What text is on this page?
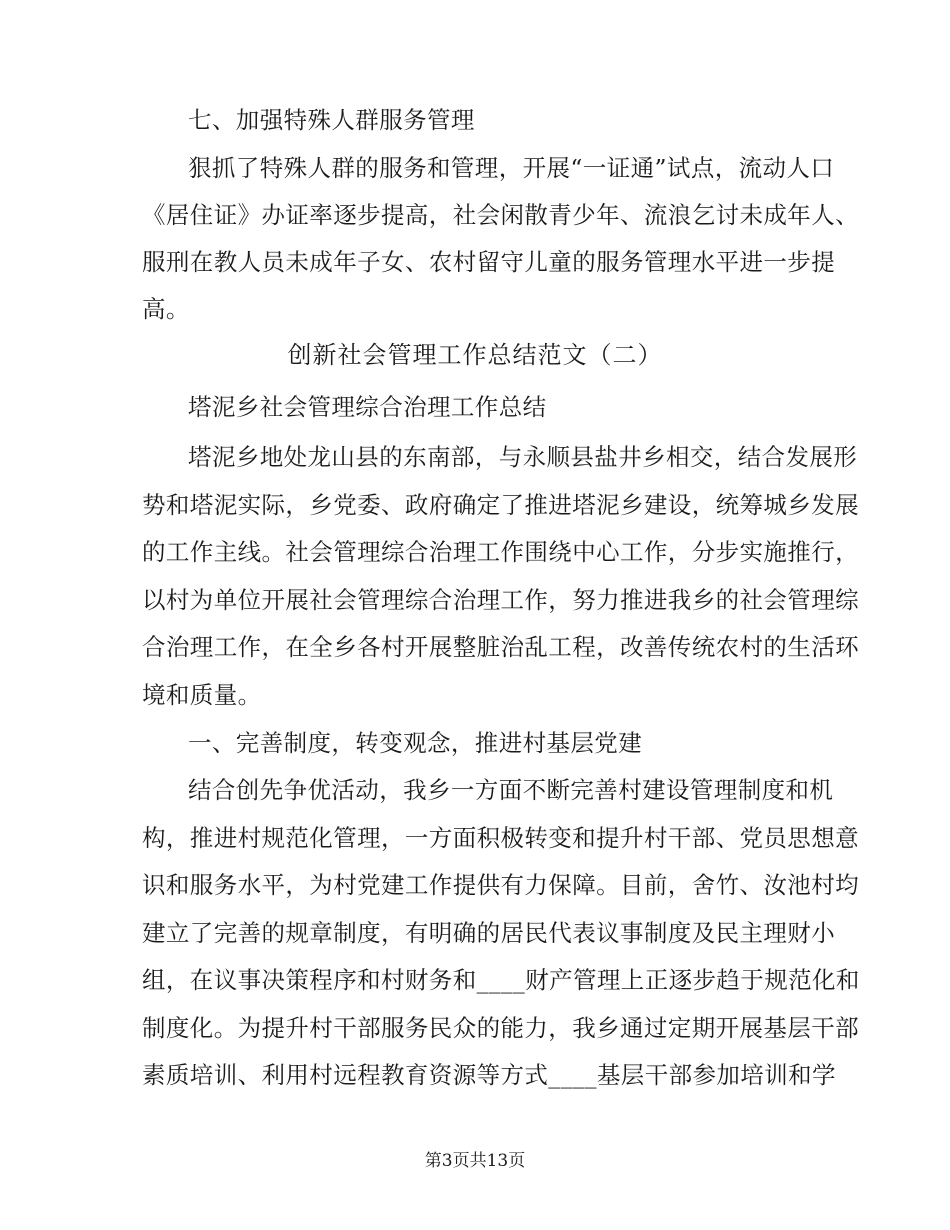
七、加强特殊人群服务管理
狠抓了特殊人群的服务和管理，开展“一证通”试点，流动人口
《居住证》办证率逐步提高，社会闲散青少年、流浪乞讨未成年人、
服刑在教人员未成年子女、农村留守儿童的服务管理水平进一步提
高。
创新社会管理工作总结范文（二）
塔泥乡社会管理综合治理工作总结
塔泥乡地处龙山县的东南部，与永顺县盐井乡相交，结合发展形
势和塔泥实际，乡党委、政府确定了推进塔泥乡建设，统筹城乡发展
的工作主线。社会管理综合治理工作围绕中心工作，分步实施推行，
以村为单位开展社会管理综合治理工作，努力推进我乡的社会管理综
合治理工作，在全乡各村开展整脏治乱工程，改善传统农村的生活环
境和质量。
一、完善制度，转变观念，推进村基层党建
结合创先争优活动，我乡一方面不断完善村建设管理制度和机
构，推进村规范化管理，一方面积极转变和提升村干部、党员思想意
识和服务水平，为村党建工作提供有力保障。目前，舍竹、汝池村均
建立了完善的规章制度，有明确的居民代表议事制度及民主理财小
组，在议事决策程序和村财务和____财产管理上正逐步趋于规范化和
制度化。为提升村干部服务民众的能力，我乡通过定期开展基层干部
素质培训、利用村远程教育资源等方式____基层干部参加培训和学
第3页共13页
